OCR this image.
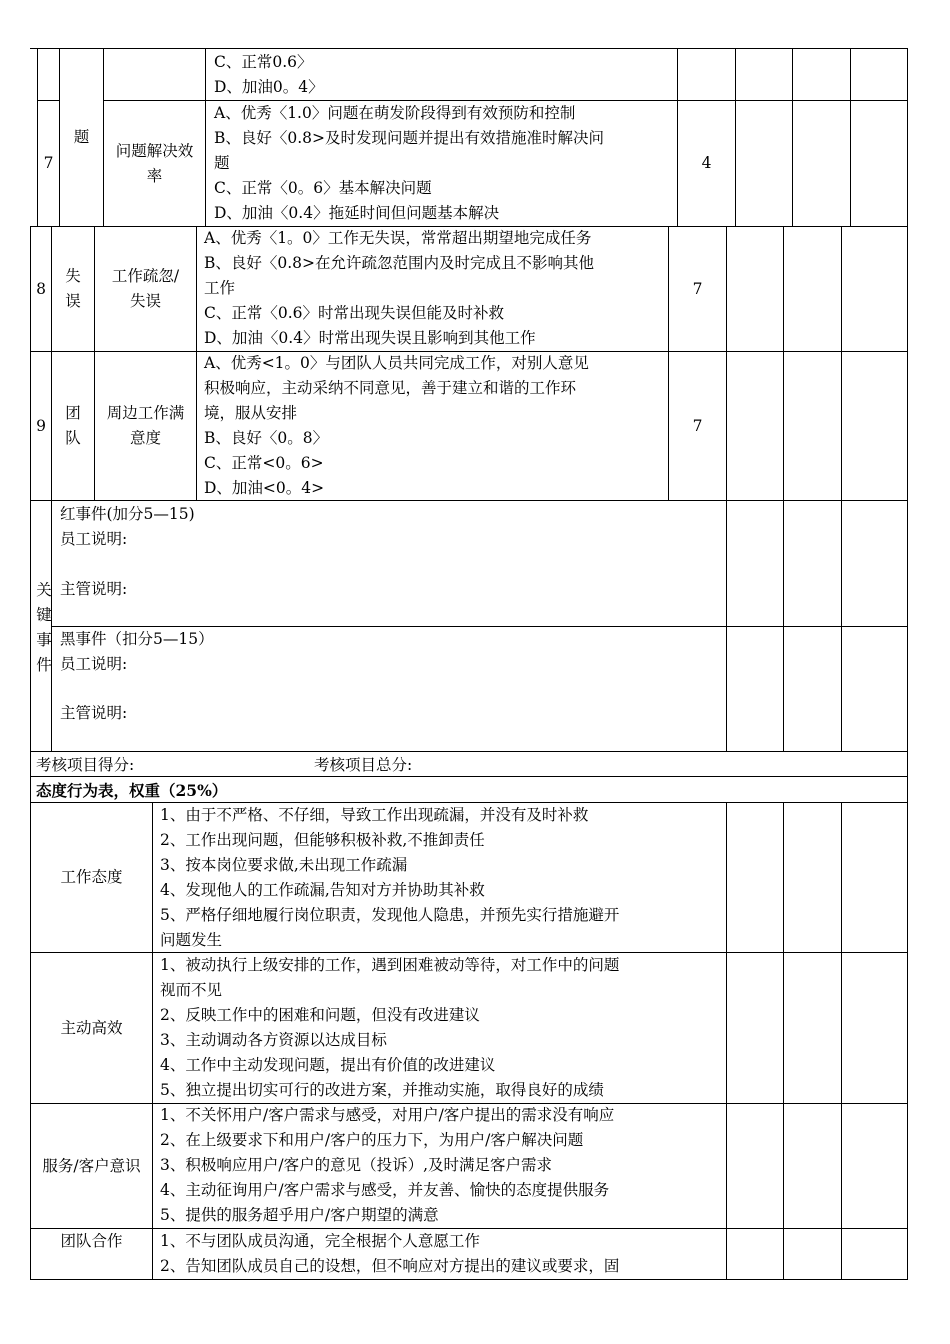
C、正常0.6〉
D、加油0。4〉
7
题
问题解决效率
A、优秀〈1.0〉问题在萌发阶段得到有效预防和控制
B、良好〈0.8>及时发现问题并提出有效措施准时解决问
题
C、正常〈0。6〉基本解决问题
D、加油〈0.4〉拖延时间但问题基本解决
4
8
失误
工作疏忽/失误
A、优秀〈1。0〉工作无失误，常常超出期望地完成任务
B、良好〈0.8>在允许疏忽范围内及时完成且不影响其他
工作
C、正常〈0.6〉时常出现失误但能及时补救
D、加油〈0.4〉时常出现失误且影响到其他工作
7
9
团队
周边工作满意度
A、优秀<1。0〉与团队人员共同完成工作，对别人意见
积极响应，主动采纳不同意见，善于建立和谐的工作环
境，服从安排
B、良好〈0。8〉
C、正常<0。6>
D、加油<0。4>
7
关键事件
红事件(加分5—15)
员工说明:
主管说明:
黑事件（扣分5—15）
员工说明:
主管说明:
考核项目得分:	考核项目总分:
态度行为表，权重（25%）
工作态度
1、由于不严格、不仔细，导致工作出现疏漏，并没有及时补救
2、工作出现问题，但能够积极补救,不推卸责任
3、按本岗位要求做,未出现工作疏漏
4、发现他人的工作疏漏,告知对方并协助其补救
5、严格仔细地履行岗位职责，发现他人隐患，并预先实行措施避开
问题发生
主动高效
1、被动执行上级安排的工作，遇到困难被动等待，对工作中的问题
视而不见
2、反映工作中的困难和问题，但没有改进建议
3、主动调动各方资源以达成目标
4、工作中主动发现问题，提出有价值的改进建议
5、独立提出切实可行的改进方案，并推动实施，取得良好的成绩
服务/客户意识
1、不关怀用户/客户需求与感受，对用户/客户提出的需求没有响应
2、在上级要求下和用户/客户的压力下，为用户/客户解决问题
3、积极响应用户/客户的意见（投诉）,及时满足客户需求
4、主动征询用户/客户需求与感受，并友善、愉快的态度提供服务
5、提供的服务超乎用户/客户期望的满意
团队合作	1、不与团队成员沟通，完全根据个人意愿工作
2、告知团队成员自己的设想，但不响应对方提出的建议或要求，固
